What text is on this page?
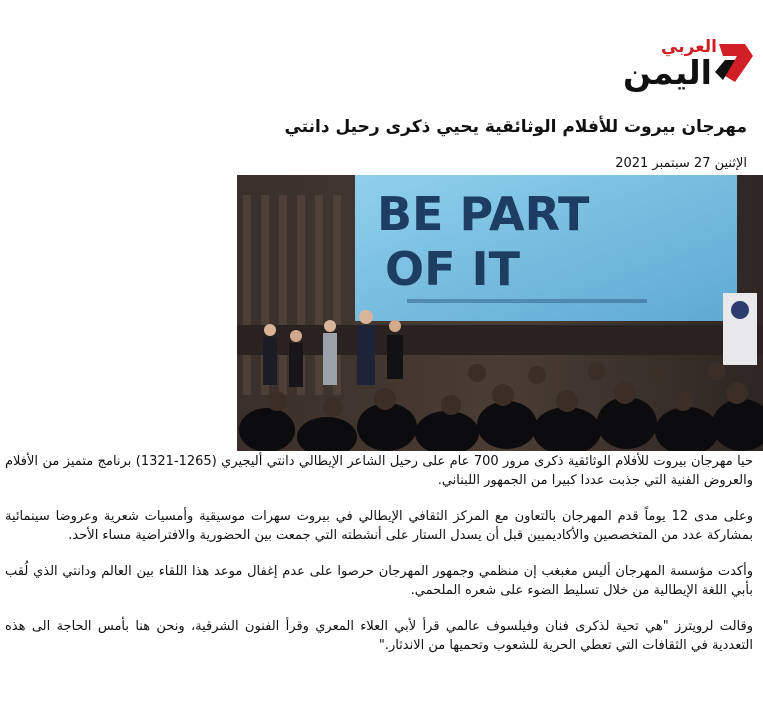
العربي
اليمن
مهرجان بيروت للأفلام الوثائقية يحيي ذكرى رحيل دانتي
الإثنين 27 سبتمبر 2021
BE PART
OF IT

حيا مهرجان بيروت للأفلام الوثائقية ذكرى مرور 700 عام على رحيل الشاعر الإيطالي دانتي أليجيري (1265-1321) برنامج متميز من الأفلام والعروض الفنية التي جذبت عددا كبيرا من الجمهور اللبناني.

وعلى مدى 12 يوماً قدم المهرجان بالتعاون مع المركز الثقافي الإيطالي في بيروت سهرات موسيقية وأمسيات شعرية وعروضا سينمائية بمشاركة عدد من المتخصصين والأكاديميين قبل أن يسدل الستار على أنشطته التي جمعت بين الحضورية والافتراضية مساء الأحد.

وأكدت مؤسسة المهرجان أليس مغبغب إن منظمي وجمهور المهرجان حرصوا على عدم إغفال موعد هذا اللقاء بين العالم ودانتي الذي لُقب بأبي اللغة الإيطالية من خلال تسليط الضوء على شعره الملحمي.

وقالت لرويترز "هي تحية لذكرى فنان وفيلسوف عالمي قرأ لأبي العلاء المعري وقرأ الفنون الشرقية، ونحن هنا بأمس الحاجة الى هذه التعددية في الثقافات التي تعطي الحرية للشعوب وتحميها من الاندثار."
